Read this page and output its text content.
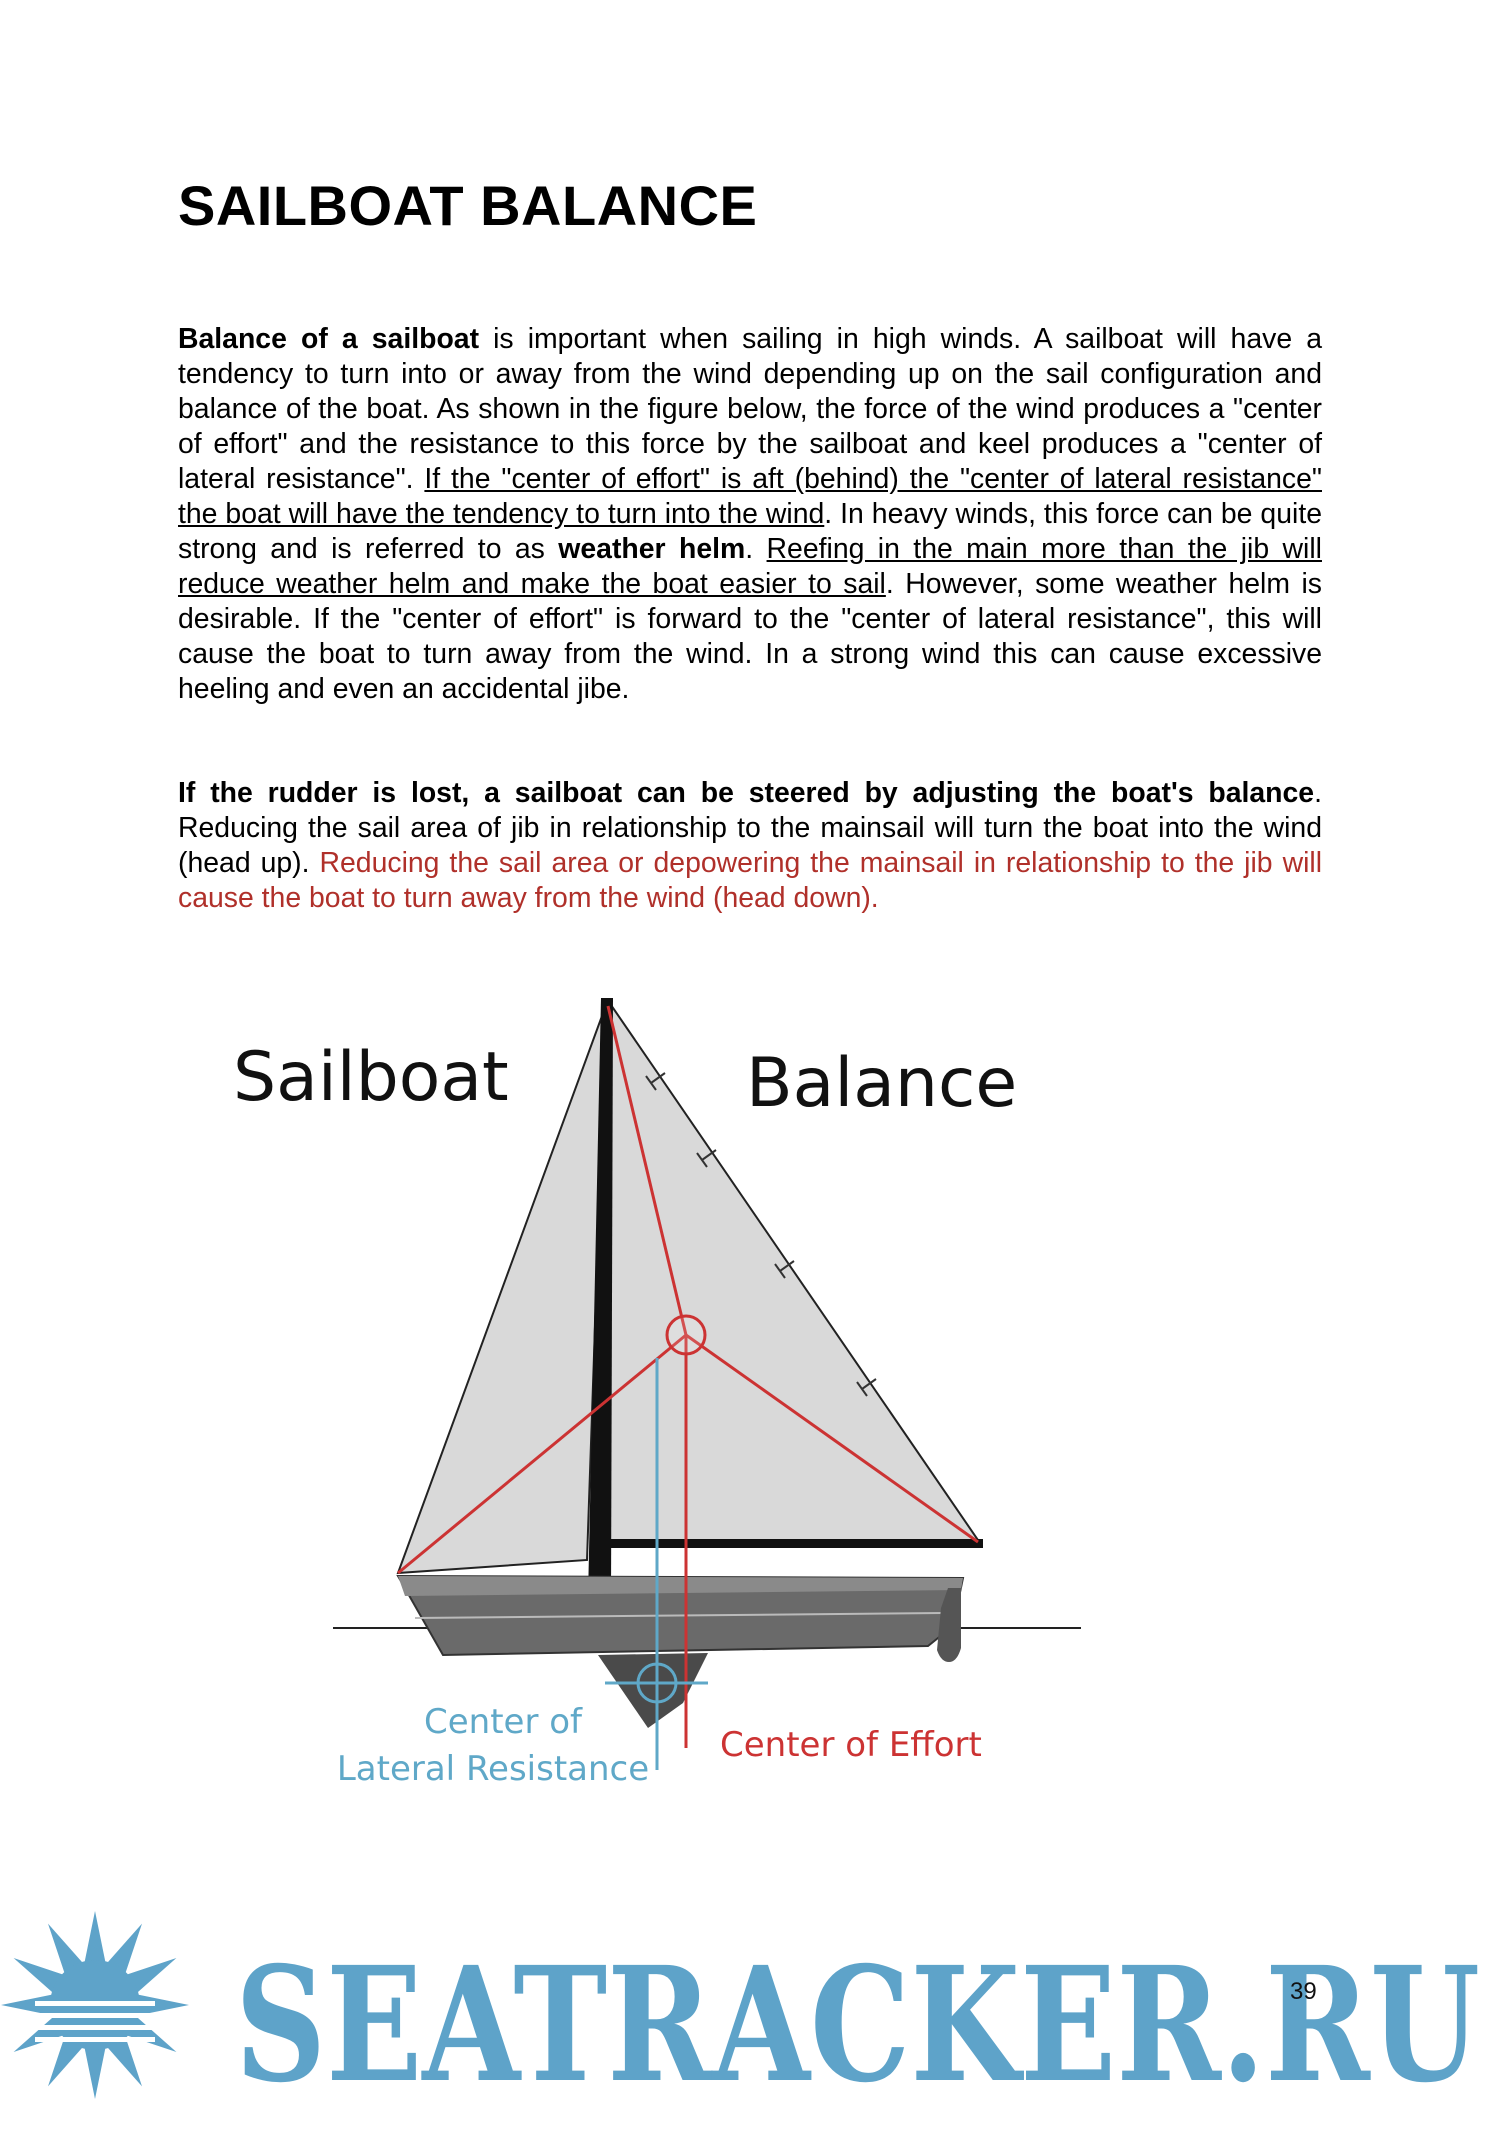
SAILBOAT BALANCE

Balance of a sailboat is important when sailing in high winds. A sailboat will have a tendency to turn into or away from the wind depending up on the sail configuration and balance of the boat. As shown in the figure below, the force of the wind produces a "center of effort" and the resistance to this force by the sailboat and keel produces a "center of lateral resistance". If the "center of effort" is aft (behind) the "center of lateral resistance" the boat will have the tendency to turn into the wind. In heavy winds, this force can be quite strong and is referred to as weather helm. Reefing in the main more than the jib will reduce weather helm and make the boat easier to sail. However, some weather helm is desirable. If the "center of effort" is forward to the "center of lateral resistance", this will cause the boat to turn away from the wind. In a strong wind this can cause excessive heeling and even an accidental jibe.

If the rudder is lost, a sailboat can be steered by adjusting the boat's balance. Reducing the sail area of jib in relationship to the mainsail will turn the boat into the wind (head up). Reducing the sail area or depowering the mainsail in relationship to the jib will cause the boat to turn away from the wind (head down).

Sailboat	Balance
Center of
Lateral Resistance
Center of Effort
SEATRACKER.RU
39
